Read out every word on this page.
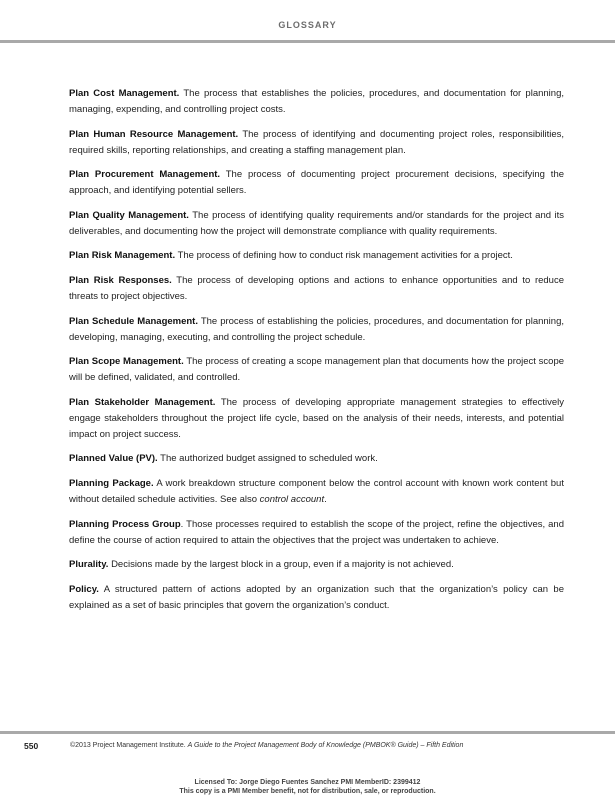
GLOSSARY

Plan Cost Management. The process that establishes the policies, procedures, and documentation for planning, managing, expending, and controlling project costs.

Plan Human Resource Management. The process of identifying and documenting project roles, responsibilities, required skills, reporting relationships, and creating a staffing management plan.

Plan Procurement Management. The process of documenting project procurement decisions, specifying the approach, and identifying potential sellers.

Plan Quality Management. The process of identifying quality requirements and/or standards for the project and its deliverables, and documenting how the project will demonstrate compliance with quality requirements.

Plan Risk Management. The process of defining how to conduct risk management activities for a project.

Plan Risk Responses. The process of developing options and actions to enhance opportunities and to reduce threats to project objectives.

Plan Schedule Management. The process of establishing the policies, procedures, and documentation for planning, developing, managing, executing, and controlling the project schedule.

Plan Scope Management. The process of creating a scope management plan that documents how the project scope will be defined, validated, and controlled.

Plan Stakeholder Management. The process of developing appropriate management strategies to effectively engage stakeholders throughout the project life cycle, based on the analysis of their needs, interests, and potential impact on project success.

Planned Value (PV). The authorized budget assigned to scheduled work.

Planning Package. A work breakdown structure component below the control account with known work content but without detailed schedule activities. See also control account.

Planning Process Group. Those processes required to establish the scope of the project, refine the objectives, and define the course of action required to attain the objectives that the project was undertaken to achieve.

Plurality. Decisions made by the largest block in a group, even if a majority is not achieved.

Policy. A structured pattern of actions adopted by an organization such that the organization’s policy can be explained as a set of basic principles that govern the organization’s conduct.

550	©2013 Project Management Institute. A Guide to the Project Management Body of Knowledge (PMBOK® Guide) – Fifth Edition
Licensed To: Jorge Diego Fuentes Sanchez PMI MemberID: 2399412
This copy is a PMI Member benefit, not for distribution, sale, or reproduction.
